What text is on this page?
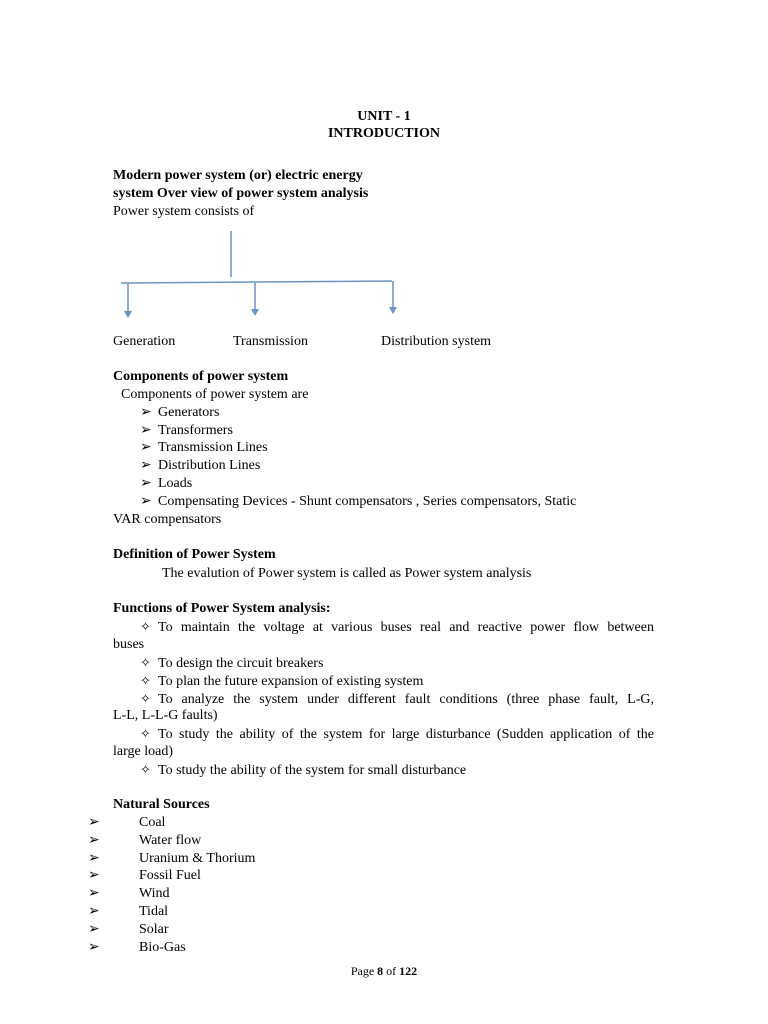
UNIT - 1
INTRODUCTION
Modern power system (or) electric energy
system Over view of power system analysis
Power system consists of
Generation	Transmission	Distribution system
Components of power system
Components of power system are
➢ Generators
➢ Transformers
➢ Transmission Lines
➢ Distribution Lines
➢ Loads
➢ Compensating Devices - Shunt compensators , Series compensators, Static
VAR compensators
Definition of Power System
The evalution of Power system is called as Power system analysis
Functions of Power System analysis:
✧ To maintain the voltage at various buses real and reactive power flow between
buses
✧ To design the circuit breakers
✧ To plan the future expansion of existing system
✧ To analyze the system under different fault conditions (three phase fault, L-G,
L-L, L-L-G faults)
✧ To study the ability of the system for large disturbance (Sudden application of the
large load)
✧ To study the ability of the system for small disturbance
Natural Sources
➢	Coal
➢	Water flow
➢	Uranium & Thorium
➢	Fossil Fuel
➢	Wind
➢	Tidal
➢	Solar
➢	Bio-Gas
Page 8 of 122
